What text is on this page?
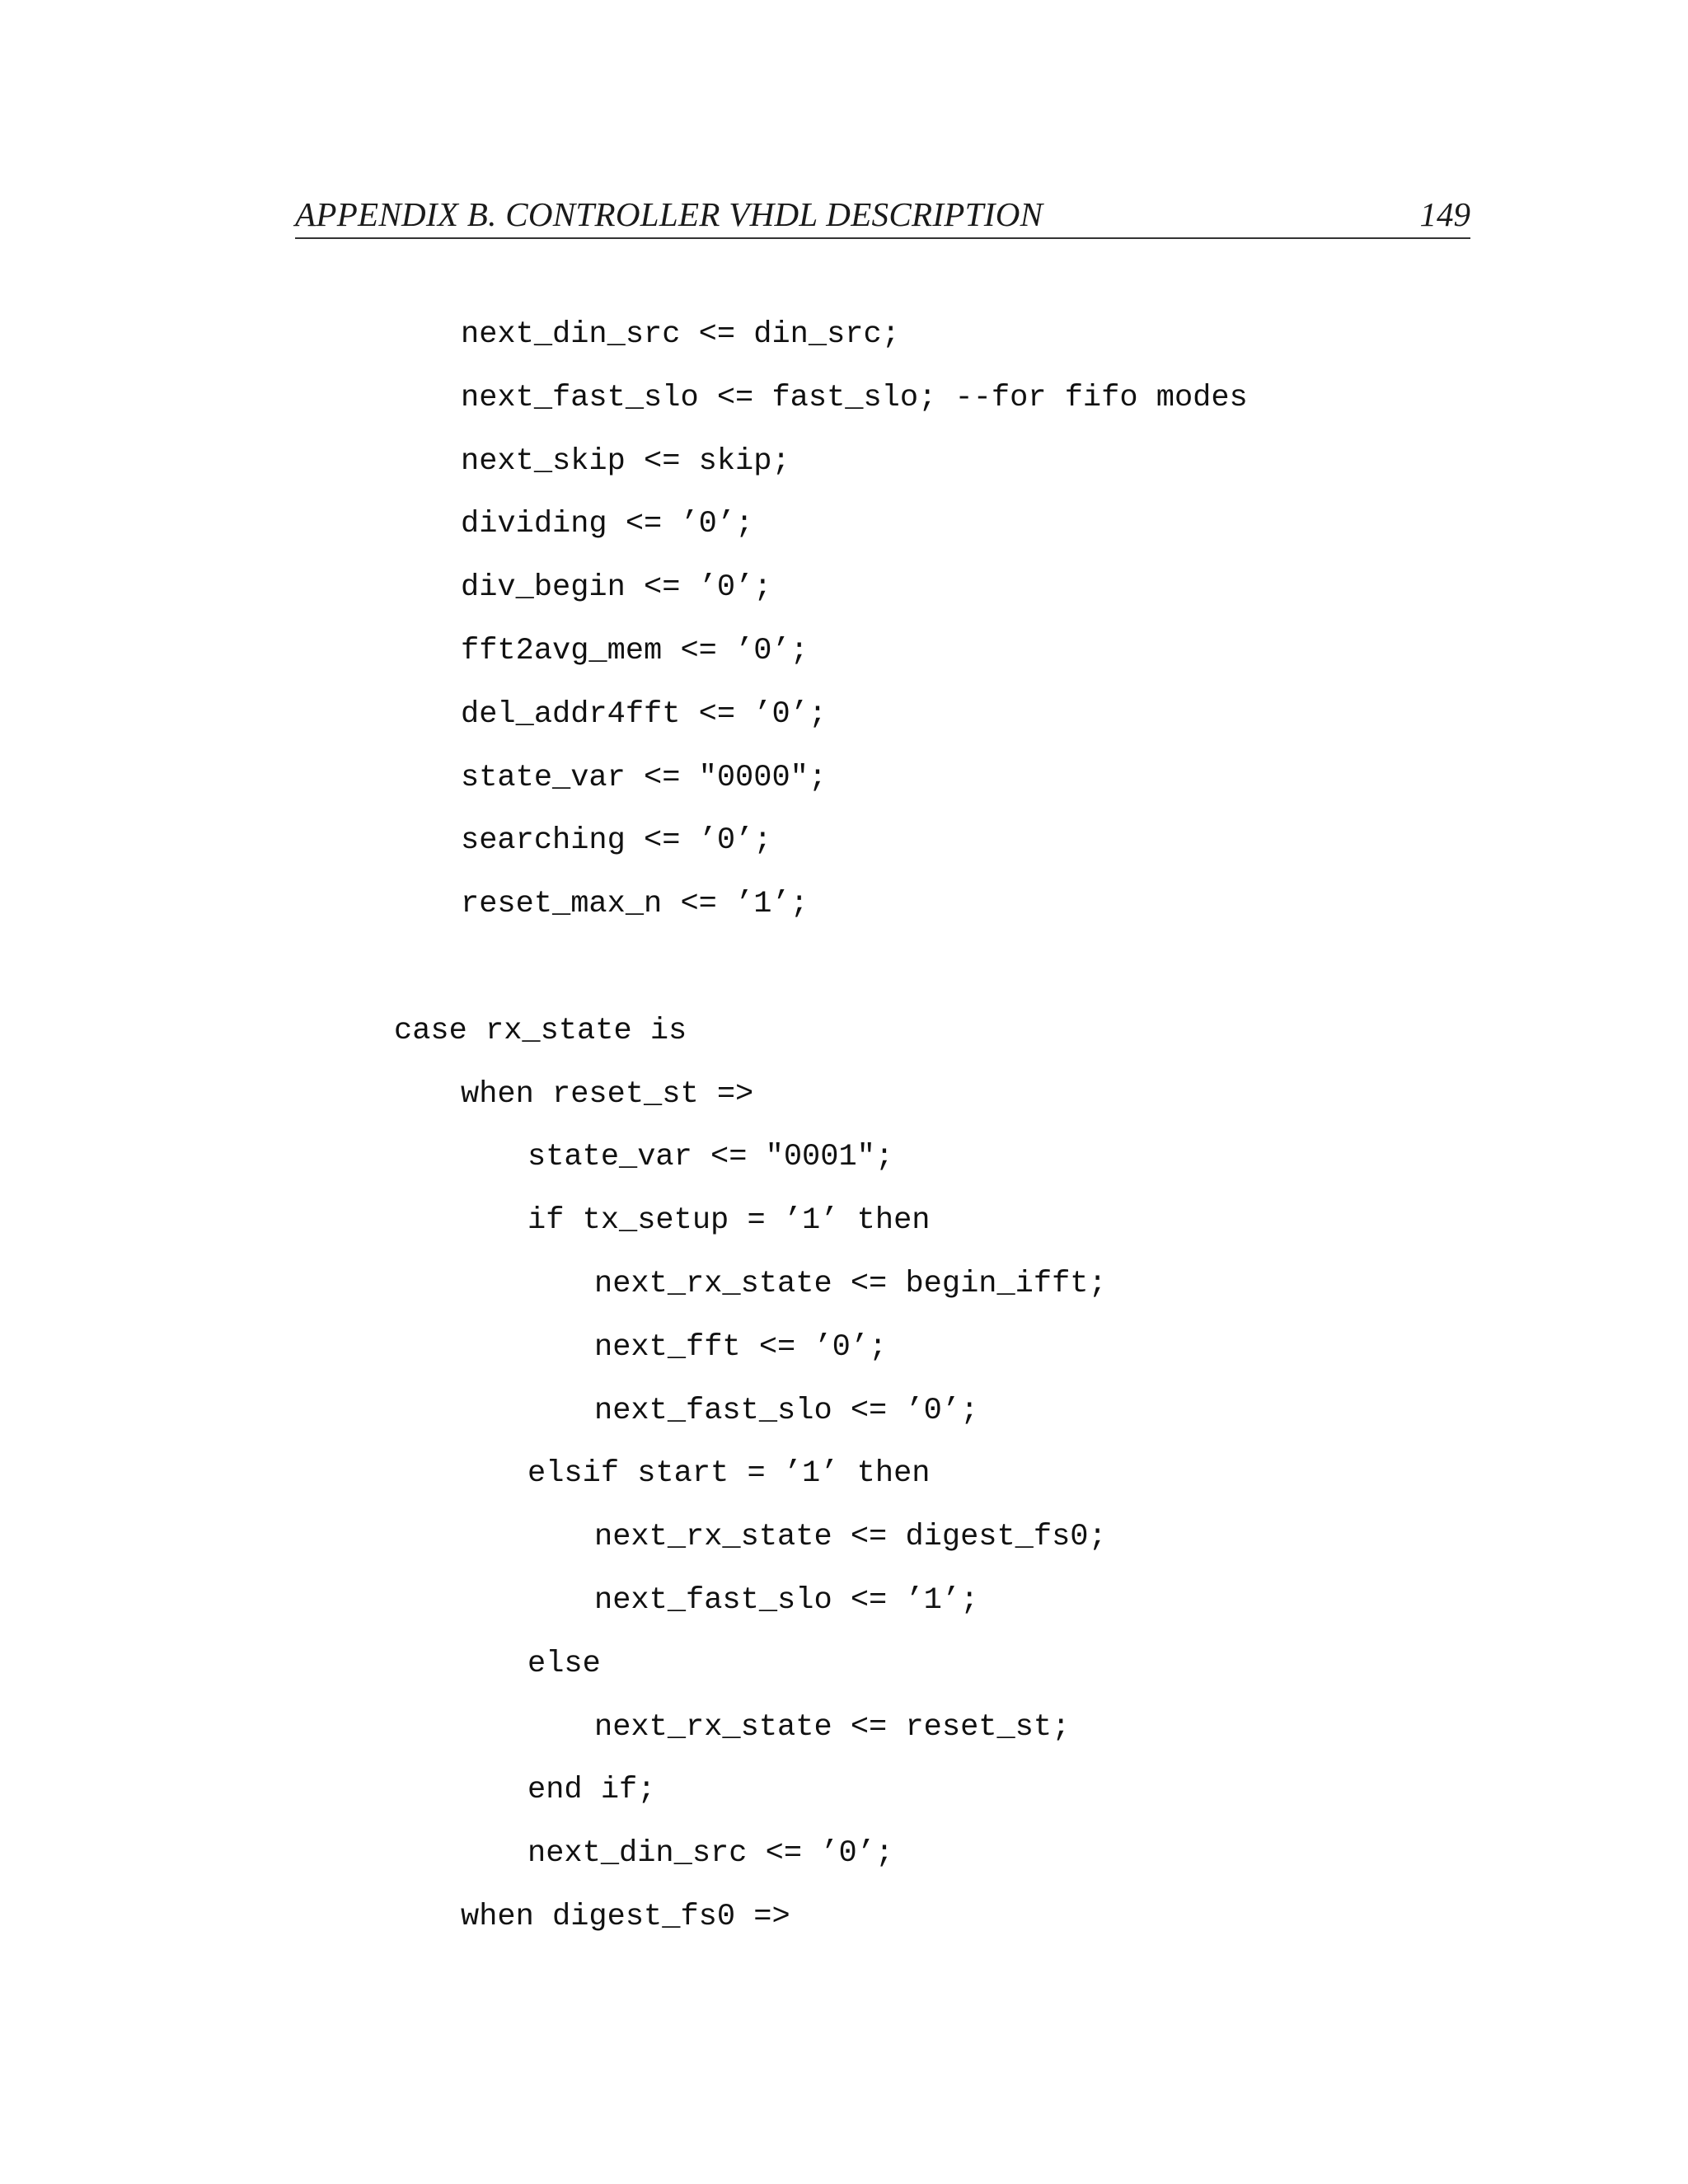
APPENDIX B. CONTROLLER VHDL DESCRIPTION	149
next_din_src <= din_src;
next_fast_slo <= fast_slo; --for fifo modes
next_skip <= skip;
dividing <= ’0’;
div_begin <= ’0’;
fft2avg_mem <= ’0’;
del_addr4fft <= ’0’;
state_var <= "0000";
searching <= ’0’;
reset_max_n <= ’1’;
case rx_state is
when reset_st =>
state_var <= "0001";
if tx_setup = ’1’ then
next_rx_state <= begin_ifft;
next_fft <= ’0’;
next_fast_slo <= ’0’;
elsif start = ’1’ then
next_rx_state <= digest_fs0;
next_fast_slo <= ’1’;
else
next_rx_state <= reset_st;
end if;
next_din_src <= ’0’;
when digest_fs0 =>
